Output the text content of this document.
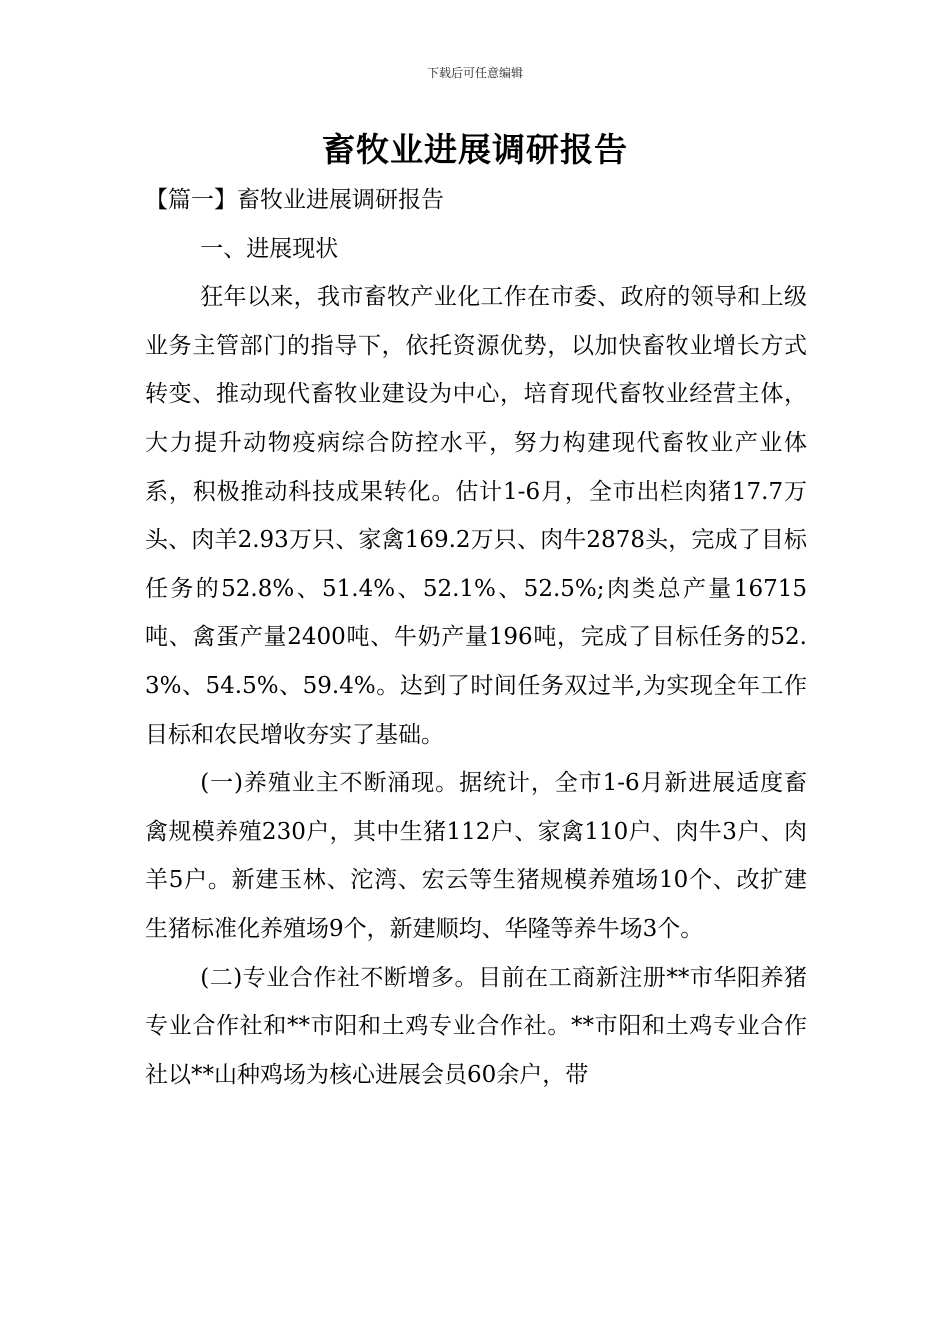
下载后可任意编辑
畜牧业进展调研报告

【篇一】畜牧业进展调研报告

一、进展现状

狂年以来，我市畜牧产业化工作在市委、政府的领导和上级业务主管部门的指导下，依托资源优势，以加快畜牧业增长方式转变、推动现代畜牧业建设为中心，培育现代畜牧业经营主体，大力提升动物疫病综合防控水平，努力构建现代畜牧业产业体系，积极推动科技成果转化。估计1-6月，全市出栏肉猪17.7万头、肉羊2.93万只、家禽169.2万只、肉牛2878头，完成了目标任务的52.8%、51.4%、52.1%、52.5%;肉类总产量16715吨、禽蛋产量2400吨、牛奶产量196吨，完成了目标任务的52.3%、54.5%、59.4%。达到了时间任务双过半,为实现全年工作目标和农民增收夯实了基础。

(一)养殖业主不断涌现。据统计，全市1-6月新进展适度畜禽规模养殖230户，其中生猪112户、家禽110户、肉牛3户、肉羊5户。新建玉林、沱湾、宏云等生猪规模养殖场10个、改扩建生猪标准化养殖场9个，新建顺均、华隆等养牛场3个。

(二)专业合作社不断增多。目前在工商新注册**市华阳养猪专业合作社和**市阳和土鸡专业合作社。**市阳和土鸡专业合作社以**山种鸡场为核心进展会员60余户，带
